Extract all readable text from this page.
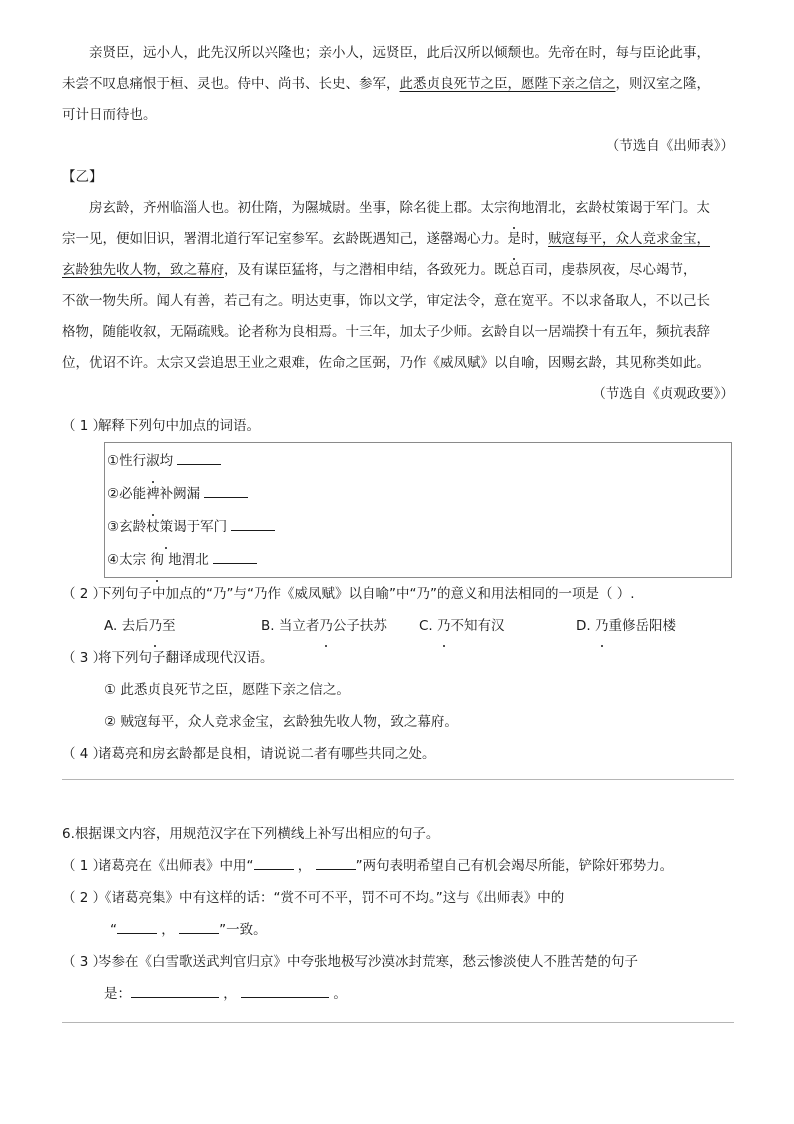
亲贤臣，远小人，此先汉所以兴隆也；亲小人，远贤臣，此后汉所以倾颓也。先帝在时，每与臣论此事，
未尝不叹息痛恨于桓、灵也。侍中、尚书、长史、参军，此悉贞良死节之臣，愿陛下亲之信之，则汉室之隆，
可计日而待也。
（节选自《出师表》）
【乙】
房玄龄，齐州临淄人也。初仕隋，为隰城尉。坐事，除名徙上郡。太宗徇地渭北，玄龄杖策谒于军门。太
宗一见，便如旧识，署渭北道行军记室参军。玄龄既遇知己，遂罄竭心力。是时，贼寇每平，众人竞求金宝，
玄龄独先收人物，致之幕府，及有谋臣猛将，与之潜相申结，各致死力。既总百司，虔恭夙夜，尽心竭节，
不欲一物失所。闻人有善，若己有之。明达吏事，饰以文学，审定法令，意在宽平。不以求备取人，不以己长
格物，随能收叙，无隔疏贱。论者称为良相焉。十三年，加太子少师。玄龄自以一居端揆十有五年，频抗表辞
位，优诏不许。太宗又尝追思王业之艰难，佐命之匡弼，乃作《威凤赋》以自喻，因赐玄龄，其见称类如此。
（节选自《贞观政要》）
（ 1 ）解释下列句中加点的词语。
①性行淑均
②必能裨补阙漏
③玄龄杖策谒于军门
④太宗 徇 地渭北
（ 2 ）下列句子中加点的“乃”与“乃作《威凤赋》以自喻”中“乃”的意义和用法相同的一项是（ ）.
A. 去后乃至	B. 当立者乃公子扶苏 C. 乃不知有汉	D. 乃重修岳阳楼
（ 3 ）将下列句子翻译成现代汉语。
① 此悉贞良死节之臣，愿陛下亲之信之。
② 贼寇每平，众人竞求金宝，玄龄独先收人物，致之幕府。
（ 4 ）诸葛亮和房玄龄都是良相，请说说二者有哪些共同之处。
6.根据课文内容，用规范汉字在下列横线上补写出相应的句子。
（ 1 ）诸葛亮在《出师表》中用“	，	”两句表明希望自己有机会竭尽所能，铲除奸邪势力。
（ 2 ）《诸葛亮集》中有这样的话：“赏不可不平，罚不可不均。”这与《出师表》中的
“	，	”一致。
（ 3 ）岑参在《白雪歌送武判官归京》中夸张地极写沙漠冰封荒寒，愁云惨淡使人不胜苦楚的句子
是：	，	。
